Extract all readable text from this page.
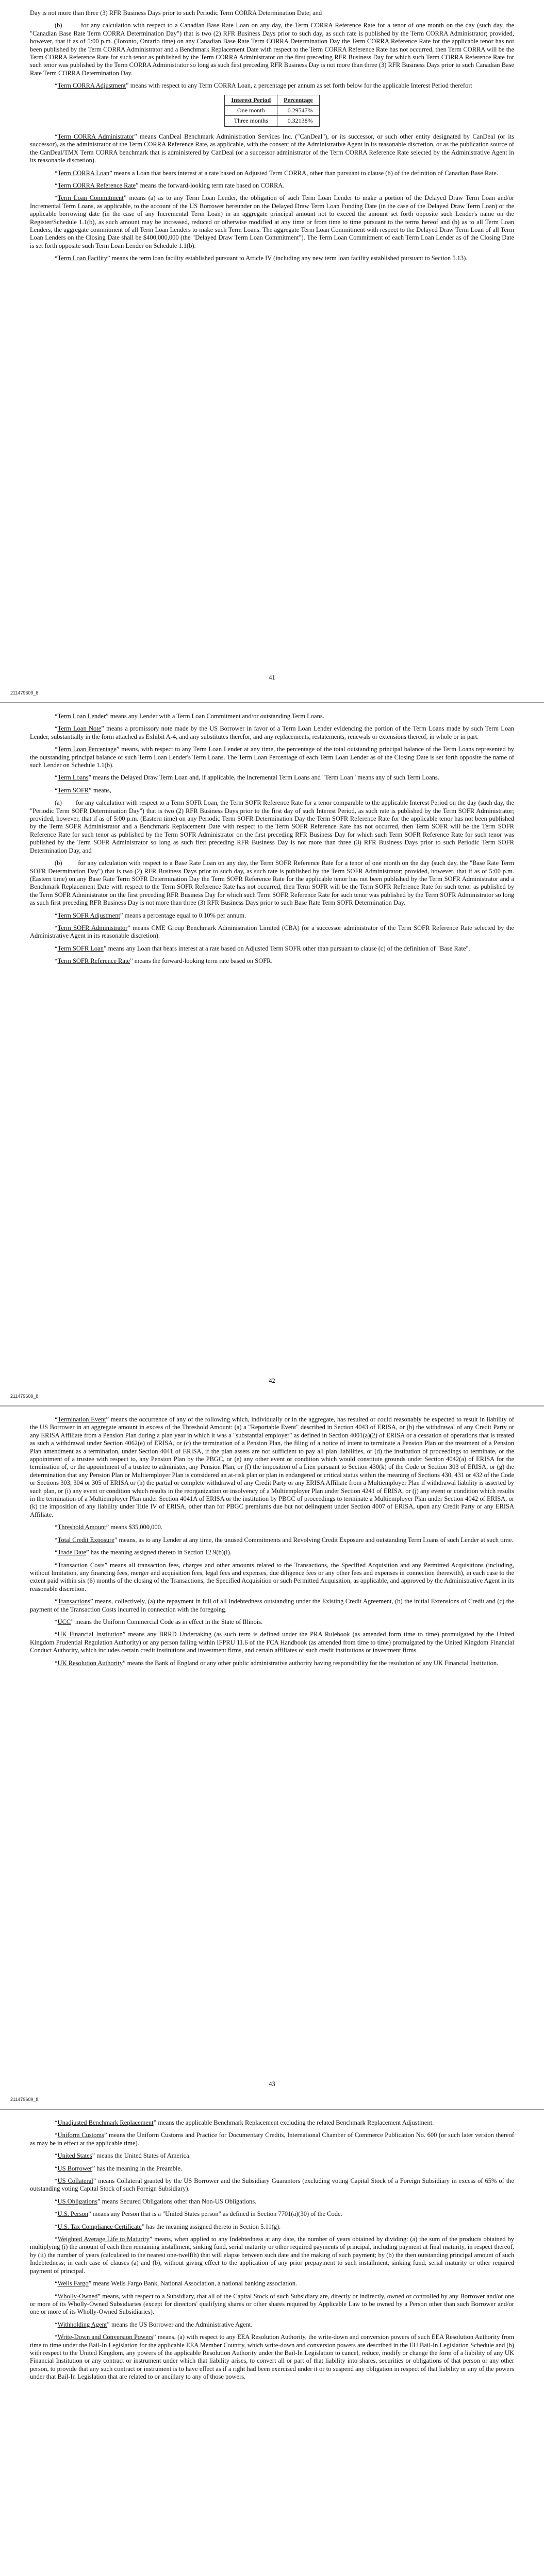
Day is not more than three (3) RFR Business Days prior to such Periodic Term CORRA Determination Date; and

(b)	for any calculation with respect to a Canadian Base Rate Loan on any day, the Term CORRA Reference Rate for a tenor of one month on the day (such day, the "Canadian Base Rate Term CORRA Determination Day") that is two (2) RFR Business Days prior to such day, as such rate is published by the Term CORRA Administrator; provided, however, that if as of 5:00 p.m. (Toronto, Ontario time) on any Canadian Base Rate Term CORRA Determination Day the Term CORRA Reference Rate for the applicable tenor has not been published by the Term CORRA Administrator and a Benchmark Replacement Date with respect to the Term CORRA Reference Rate has not occurred, then Term CORRA will be the Term CORRA Reference Rate for such tenor as published by the Term CORRA Administrator on the first preceding RFR Business Day for which such Term CORRA Reference Rate for such tenor was published by the Term CORRA Administrator so long as such first preceding RFR Business Day is not more than three (3) RFR Business Days prior to such Canadian Base Rate Term CORRA Determination Day.

“Term CORRA Adjustment” means with respect to any Term CORRA Loan, a percentage per annum as set forth below for the applicable Interest Period therefor:

Interest Period	Percentage
One month	0.29547%
Three months	0.32138%

“Term CORRA Administrator” means CanDeal Benchmark Administration Services Inc. ("CanDeal"), or its successor, or such other entity designated by CanDeal (or its successor), as the administrator of the Term CORRA Reference Rate, as applicable, with the consent of the Administrative Agent in its reasonable discretion, or as the publication source of the CanDeal/TMX Term CORRA benchmark that is administered by CanDeal (or a successor administrator of the Term CORRA Reference Rate selected by the Administrative Agent in its reasonable discretion).

“Term CORRA Loan” means a Loan that bears interest at a rate based on Adjusted Term CORRA, other than pursuant to clause (b) of the definition of Canadian Base Rate.

“Term CORRA Reference Rate” means the forward-looking term rate based on CORRA.

“Term Loan Commitment” means (a) as to any Term Loan Lender, the obligation of such Term Loan Lender to make a portion of the Delayed Draw Term Loan and/or Incremental Term Loans, as applicable, to the account of the US Borrower hereunder on the Delayed Draw Term Loan Funding Date (in the case of the Delayed Draw Term Loan) or the applicable borrowing date (in the case of any Incremental Term Loan) in an aggregate principal amount not to exceed the amount set forth opposite such Lender's name on the Register/Schedule 1.1(b), as such amount may be increased, reduced or otherwise modified at any time or from time to time pursuant to the terms hereof and (b) as to all Term Loan Lenders, the aggregate commitment of all Term Loan Lenders to make such Term Loans. The aggregate Term Loan Commitment with respect to the Delayed Draw Term Loan of all Term Loan Lenders on the Closing Date shall be $400,000,000 (the "Delayed Draw Term Loan Commitment"). The Term Loan Commitment of each Term Loan Lender as of the Closing Date is set forth opposite such Term Loan Lender on Schedule 1.1(b).

“Term Loan Facility” means the term loan facility established pursuant to Article IV (including any new term loan facility established pursuant to Section 5.13).

41
211479609_8

“Term Loan Lender” means any Lender with a Term Loan Commitment and/or outstanding Term Loans.

“Term Loan Note” means a promissory note made by the US Borrower in favor of a Term Loan Lender evidencing the portion of the Term Loans made by such Term Loan Lender, substantially in the form attached as Exhibit A-4, and any substitutes therefor, and any replacements, restatements, renewals or extensions thereof, in whole or in part.

“Term Loan Percentage” means, with respect to any Term Loan Lender at any time, the percentage of the total outstanding principal balance of the Term Loans represented by the outstanding principal balance of such Term Loan Lender's Term Loans. The Term Loan Percentage of each Term Loan Lender as of the Closing Date is set forth opposite the name of such Lender on Schedule 1.1(b).

“Term Loans” means the Delayed Draw Term Loan and, if applicable, the Incremental Term Loans and "Term Loan" means any of such Term Loans.

“Term SOFR” means,

(a) for any calculation with respect to a Term SOFR Loan, the Term SOFR Reference Rate for a tenor comparable to the applicable Interest Period on the day (such day, the "Periodic Term SOFR Determination Day") that is two (2) RFR Business Days prior to the first day of such Interest Period, as such rate is published by the Term SOFR Administrator; provided, however, that if as of 5:00 p.m. (Eastern time) on any Periodic Term SOFR Determination Day the Term SOFR Reference Rate for the applicable tenor has not been published by the Term SOFR Administrator and a Benchmark Replacement Date with respect to the Term SOFR Reference Rate has not occurred, then Term SOFR will be the Term SOFR Reference Rate for such tenor as published by the Term SOFR Administrator on the first preceding RFR Business Day for which such Term SOFR Reference Rate for such tenor was published by the Term SOFR Administrator so long as such first preceding RFR Business Day is not more than three (3) RFR Business Days prior to such Periodic Term SOFR Determination Day, and

(b) for any calculation with respect to a Base Rate Loan on any day, the Term SOFR Reference Rate for a tenor of one month on the day (such day, the "Base Rate Term SOFR Determination Day") that is two (2) RFR Business Days prior to such day, as such rate is published by the Term SOFR Administrator; provided, however, that if as of 5:00 p.m. (Eastern time) on any Base Rate Term SOFR Determination Day the Term SOFR Reference Rate for the applicable tenor has not been published by the Term SOFR Administrator and a Benchmark Replacement Date with respect to the Term SOFR Reference Rate has not occurred, then Term SOFR will be the Term SOFR Reference Rate for such tenor as published by the Term SOFR Administrator on the first preceding RFR Business Day for which such Term SOFR Reference Rate for such tenor was published by the Term SOFR Administrator so long as such first preceding RFR Business Day is not more than three (3) RFR Business Days prior to such Base Rate Term SOFR Determination Day.

“Term SOFR Adjustment” means a percentage equal to 0.10% per annum.

“Term SOFR Administrator” means CME Group Benchmark Administration Limited (CBA) (or a successor administrator of the Term SOFR Reference Rate selected by the Administrative Agent in its reasonable discretion).

“Term SOFR Loan” means any Loan that bears interest at a rate based on Adjusted Term SOFR other than pursuant to clause (c) of the definition of "Base Rate".

“Term SOFR Reference Rate” means the forward-looking term rate based on SOFR.

42
211479609_8

“Termination Event” means the occurrence of any of the following which, individually or in the aggregate, has resulted or could reasonably be expected to result in liability of the US Borrower in an aggregate amount in excess of the Threshold Amount: (a) a "Reportable Event" described in Section 4043 of ERISA, or (b) the withdrawal of any Credit Party or any ERISA Affiliate from a Pension Plan during a plan year in which it was a "substantial employer" as defined in Section 4001(a)(2) of ERISA or a cessation of operations that is treated as such a withdrawal under Section 4062(e) of ERISA, or (c) the termination of a Pension Plan, the filing of a notice of intent to terminate a Pension Plan or the treatment of a Pension Plan amendment as a termination, under Section 4041 of ERISA, if the plan assets are not sufficient to pay all plan liabilities, or (d) the institution of proceedings to terminate, or the appointment of a trustee with respect to, any Pension Plan by the PBGC, or (e) any other event or condition which would constitute grounds under Section 4042(a) of ERISA for the termination of, or the appointment of a trustee to administer, any Pension Plan, or (f) the imposition of a Lien pursuant to Section 430(k) of the Code or Section 303 of ERISA, or (g) the determination that any Pension Plan or Multiemployer Plan is considered an at-risk plan or plan in endangered or critical status within the meaning of Sections 430, 431 or 432 of the Code or Sections 303, 304 or 305 of ERISA or (h) the partial or complete withdrawal of any Credit Party or any ERISA Affiliate from a Multiemployer Plan if withdrawal liability is asserted by such plan, or (i) any event or condition which results in the reorganization or insolvency of a Multiemployer Plan under Section 4241 of ERISA, or (j) any event or condition which results in the termination of a Multiemployer Plan under Section 4041A of ERISA or the institution by PBGC of proceedings to terminate a Multiemployer Plan under Section 4042 of ERISA, or (k) the imposition of any liability under Title IV of ERISA, other than for PBGC premiums due but not delinquent under Section 4007 of ERISA, upon any Credit Party or any ERISA Affiliate.

“Threshold Amount” means $35,000,000.

“Total Credit Exposure” means, as to any Lender at any time, the unused Commitments and Revolving Credit Exposure and outstanding Term Loans of such Lender at such time.

“Trade Date” has the meaning assigned thereto in Section 12.9(b)(i).

“Transaction Costs” means all transaction fees, charges and other amounts related to the Transactions, the Specified Acquisition and any Permitted Acquisitions (including, without limitation, any financing fees, merger and acquisition fees, legal fees and expenses, due diligence fees or any other fees and expenses in connection therewith), in each case to the extent paid within six (6) months of the closing of the Transactions, the Specified Acquisition or such Permitted Acquisition, as applicable, and approved by the Administrative Agent in its reasonable discretion.

“Transactions” means, collectively, (a) the repayment in full of all Indebtedness outstanding under the Existing Credit Agreement, (b) the initial Extensions of Credit and (c) the payment of the Transaction Costs incurred in connection with the foregoing.

“UCC” means the Uniform Commercial Code as in effect in the State of Illinois.

“UK Financial Institution” means any BRRD Undertaking (as such term is defined under the PRA Rulebook (as amended form time to time) promulgated by the United Kingdom Prudential Regulation Authority) or any person falling within IFPRU 11.6 of the FCA Handbook (as amended from time to time) promulgated by the United Kingdom Financial Conduct Authority, which includes certain credit institutions and investment firms, and certain affiliates of such credit institutions or investment firms.

“UK Resolution Authority” means the Bank of England or any other public administrative authority having responsibility for the resolution of any UK Financial Institution.

43
211479609_8

“Unadjusted Benchmark Replacement” means the applicable Benchmark Replacement excluding the related Benchmark Replacement Adjustment.

“Uniform Customs” means the Uniform Customs and Practice for Documentary Credits, International Chamber of Commerce Publication No. 600 (or such later version thereof as may be in effect at the applicable time).

“United States” means the United States of America.

“US Borrower” has the meaning in the Preamble.

“US Collateral” means Collateral granted by the US Borrower and the Subsidiary Guarantors (excluding voting Capital Stock of a Foreign Subsidiary in excess of 65% of the outstanding voting Capital Stock of such Foreign Subsidiary).

“US Obligations” means Secured Obligations other than Non-US Obligations.

“U.S. Person” means any Person that is a "United States person" as defined in Section 7701(a)(30) of the Code.

“U.S. Tax Compliance Certificate” has the meaning assigned thereto in Section 5.11(g).

“Weighted Average Life to Maturity” means, when applied to any Indebtedness at any date, the number of years obtained by dividing: (a) the sum of the products obtained by multiplying (i) the amount of each then remaining installment, sinking fund, serial maturity or other required payments of principal, including payment at final maturity, in respect thereof, by (ii) the number of years (calculated to the nearest one-twelfth) that will elapse between such date and the making of such payment; by (b) the then outstanding principal amount of such Indebtedness; in each case of clauses (a) and (b), without giving effect to the application of any prior prepayment to such installment, sinking fund, serial maturity or other required payment of principal.

“Wells Fargo” means Wells Fargo Bank, National Association, a national banking association.

“Wholly-Owned” means, with respect to a Subsidiary, that all of the Capital Stock of such Subsidiary are, directly or indirectly, owned or controlled by any Borrower and/or one or more of its Wholly-Owned Subsidiaries (except for directors' qualifying shares or other shares required by Applicable Law to be owned by a Person other than such Borrower and/or one or more of its Wholly-Owned Subsidiaries).

“Withholding Agent” means the US Borrower and the Administrative Agent.

“Write-Down and Conversion Powers” means, (a) with respect to any EEA Resolution Authority, the write-down and conversion powers of such EEA Resolution Authority from time to time under the Bail-In Legislation for the applicable EEA Member Country, which write-down and conversion powers are described in the EU Bail-In Legislation Schedule and (b) with respect to the United Kingdom, any powers of the applicable Resolution Authority under the Bail-In Legislation to cancel, reduce, modify or change the form of a liability of any UK Financial Institution or any contract or instrument under which that liability arises, to convert all or part of that liability into shares, securities or obligations of that person or any other person, to provide that any such contract or instrument is to have effect as if a right had been exercised under it or to suspend any obligation in respect of that liability or any of the powers under that Bail-In Legislation that are related to or ancillary to any of those powers.
